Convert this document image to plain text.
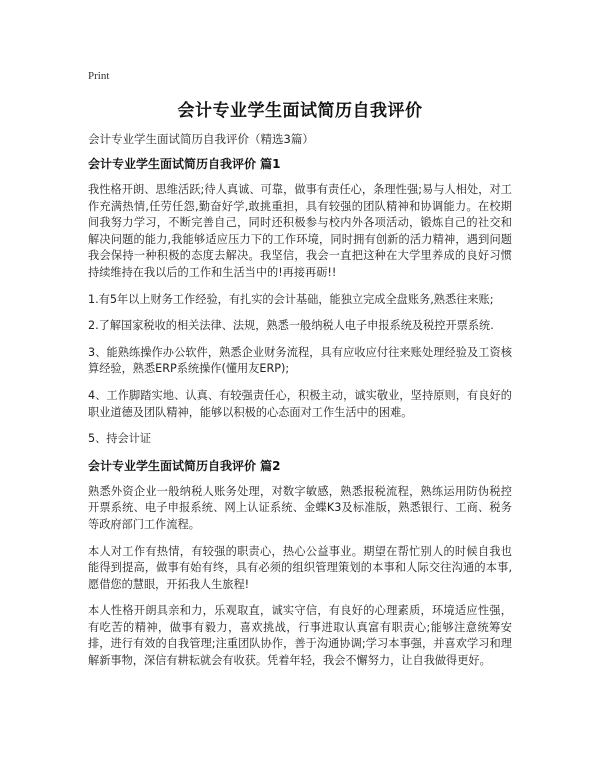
Print
会计专业学生面试简历自我评价

会计专业学生面试简历自我评价（精选3篇）

会计专业学生面试简历自我评价 篇1

我性格开朗、思维活跃;待人真诚、可靠，做事有责任心，条理性强;易与人相处，对工作充满热情,任劳任怨,勤奋好学,敢挑重担，具有较强的团队精神和协调能力。在校期间我努力学习，不断完善自己，同时还积极参与校内外各项活动，锻炼自己的社交和解决问题的能力,我能够适应压力下的工作环境，同时拥有创新的活力精神，遇到问题我会保持一种积极的态度去解决。我坚信，我会一直把这种在大学里养成的良好习惯持续维持在我以后的工作和生活当中的!再接再砺!!

1.有5年以上财务工作经验，有扎实的会计基础，能独立完成全盘账务,熟悉往来账;

2.了解国家税收的相关法律、法规，熟悉一般纳税人电子申报系统及税控开票系统.

3、能熟练操作办公软件，熟悉企业财务流程，具有应收应付往来账处理经验及工资核算经验，熟悉ERP系统操作(懂用友ERP);

4、工作脚踏实地、认真、有较强责任心，积极主动，诚实敬业，坚持原则，有良好的职业道德及团队精神，能够以积极的心态面对工作生活中的困难。

5、持会计证

会计专业学生面试简历自我评价 篇2

熟悉外资企业一般纳税人账务处理，对数字敏感，熟悉报税流程，熟练运用防伪税控开票系统、电子申报系统、网上认证系统、金蝶K3及标准版，熟悉银行、工商、税务等政府部门工作流程。

本人对工作有热情，有较强的职责心，热心公益事业。期望在帮忙别人的时候自我也能得到提高，做事有始有终，具有必须的组织管理策划的本事和人际交往沟通的本事,愿借您的慧眼，开拓我人生旅程!

本人性格开朗具亲和力，乐观取直，诚实守信，有良好的心理素质，环境适应性强，有吃苦的精神，做事有毅力，喜欢挑战，行事进取认真富有职责心;能够注意统筹安排，进行有效的自我管理;注重团队协作，善于沟通协调;学习本事强，并喜欢学习和理解新事物，深信有耕耘就会有收获。凭着年轻，我会不懈努力，让自我做得更好。
